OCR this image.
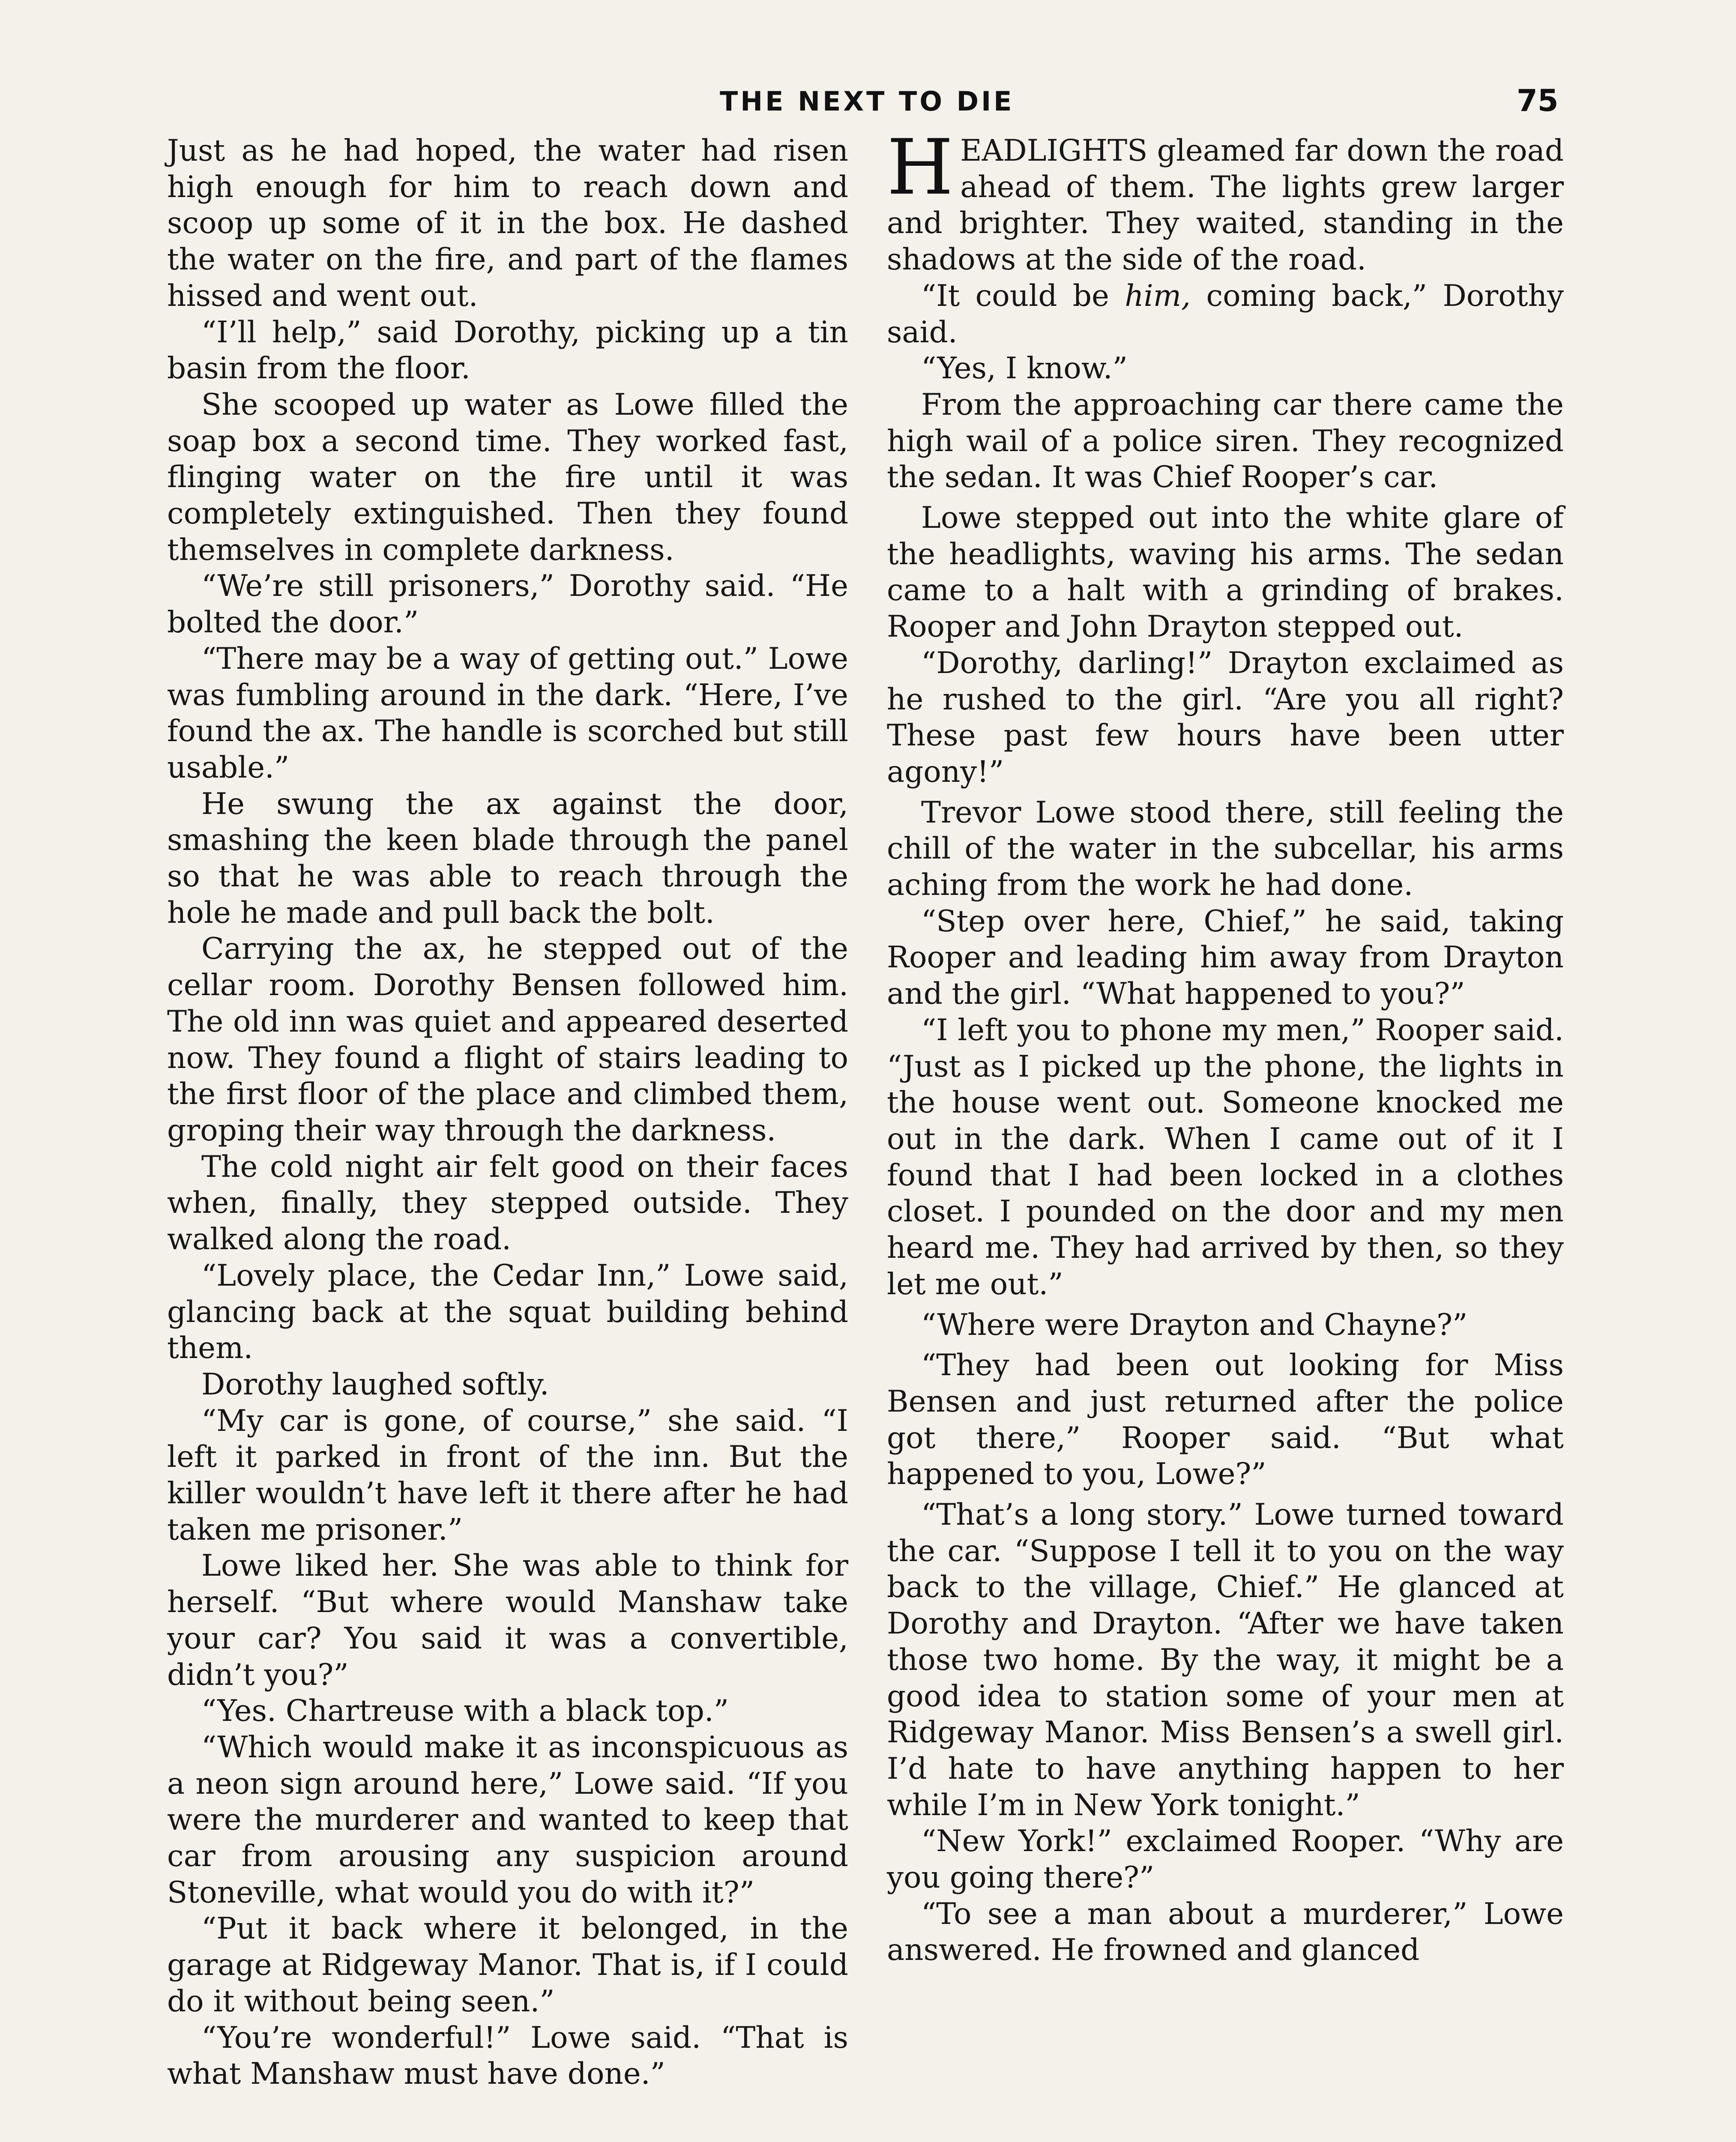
THE NEXT TO DIE	75

Just as he had hoped, the water had risen high enough for him to reach down and scoop up some of it in the box. He dashed the water on the fire, and part of the flames hissed and went out.

“I’ll help,” said Dorothy, picking up a tin basin from the floor.

She scooped up water as Lowe filled the soap box a second time. They worked fast, flinging water on the fire until it was completely extinguished. Then they found themselves in complete darkness.

“We’re still prisoners,” Dorothy said. “He bolted the door.”

“There may be a way of getting out.” Lowe was fumbling around in the dark. “Here, I’ve found the ax. The handle is scorched but still usable.”

He swung the ax against the door, smashing the keen blade through the panel so that he was able to reach through the hole he made and pull back the bolt.

Carrying the ax, he stepped out of the cellar room. Dorothy Bensen followed him. The old inn was quiet and appeared deserted now. They found a flight of stairs leading to the first floor of the place and climbed them, groping their way through the darkness.

The cold night air felt good on their faces when, finally, they stepped outside. They walked along the road.

“Lovely place, the Cedar Inn,” Lowe said, glancing back at the squat building behind them.

Dorothy laughed softly.

“My car is gone, of course,” she said. “I left it parked in front of the inn. But the killer wouldn’t have left it there after he had taken me prisoner.”

Lowe liked her. She was able to think for herself. “But where would Manshaw take your car? You said it was a convertible, didn’t you?”

“Yes. Chartreuse with a black top.”

“Which would make it as inconspicuous as a neon sign around here,” Lowe said. “If you were the murderer and wanted to keep that car from arousing any suspicion around Stoneville, what would you do with it?”

“Put it back where it belonged, in the garage at Ridgeway Manor. That is, if I could do it without being seen.”

“You’re wonderful!” Lowe said. “That is what Manshaw must have done.”

HEADLIGHTS gleamed far down the road ahead of them. The lights grew larger and brighter. They waited, standing in the shadows at the side of the road.

“It could be him, coming back,” Dorothy said.

“Yes, I know.”

From the approaching car there came the high wail of a police siren. They recognized the sedan. It was Chief Rooper’s car.

Lowe stepped out into the white glare of the headlights, waving his arms. The sedan came to a halt with a grinding of brakes. Rooper and John Drayton stepped out.

“Dorothy, darling!” Drayton exclaimed as he rushed to the girl. “Are you all right? These past few hours have been utter agony!”

Trevor Lowe stood there, still feeling the chill of the water in the subcellar, his arms aching from the work he had done.

“Step over here, Chief,” he said, taking Rooper and leading him away from Drayton and the girl. “What happened to you?”

“I left you to phone my men,” Rooper said. “Just as I picked up the phone, the lights in the house went out. Someone knocked me out in the dark. When I came out of it I found that I had been locked in a clothes closet. I pounded on the door and my men heard me. They had arrived by then, so they let me out.”

“Where were Drayton and Chayne?”

“They had been out looking for Miss Bensen and just returned after the police got there,” Rooper said. “But what happened to you, Lowe?”

“That’s a long story.” Lowe turned toward the car. “Suppose I tell it to you on the way back to the village, Chief.” He glanced at Dorothy and Drayton. “After we have taken those two home. By the way, it might be a good idea to station some of your men at Ridgeway Manor. Miss Bensen’s a swell girl. I’d hate to have anything happen to her while I’m in New York tonight.”

“New York!” exclaimed Rooper. “Why are you going there?”

“To see a man about a murderer,” Lowe answered. He frowned and glanced
